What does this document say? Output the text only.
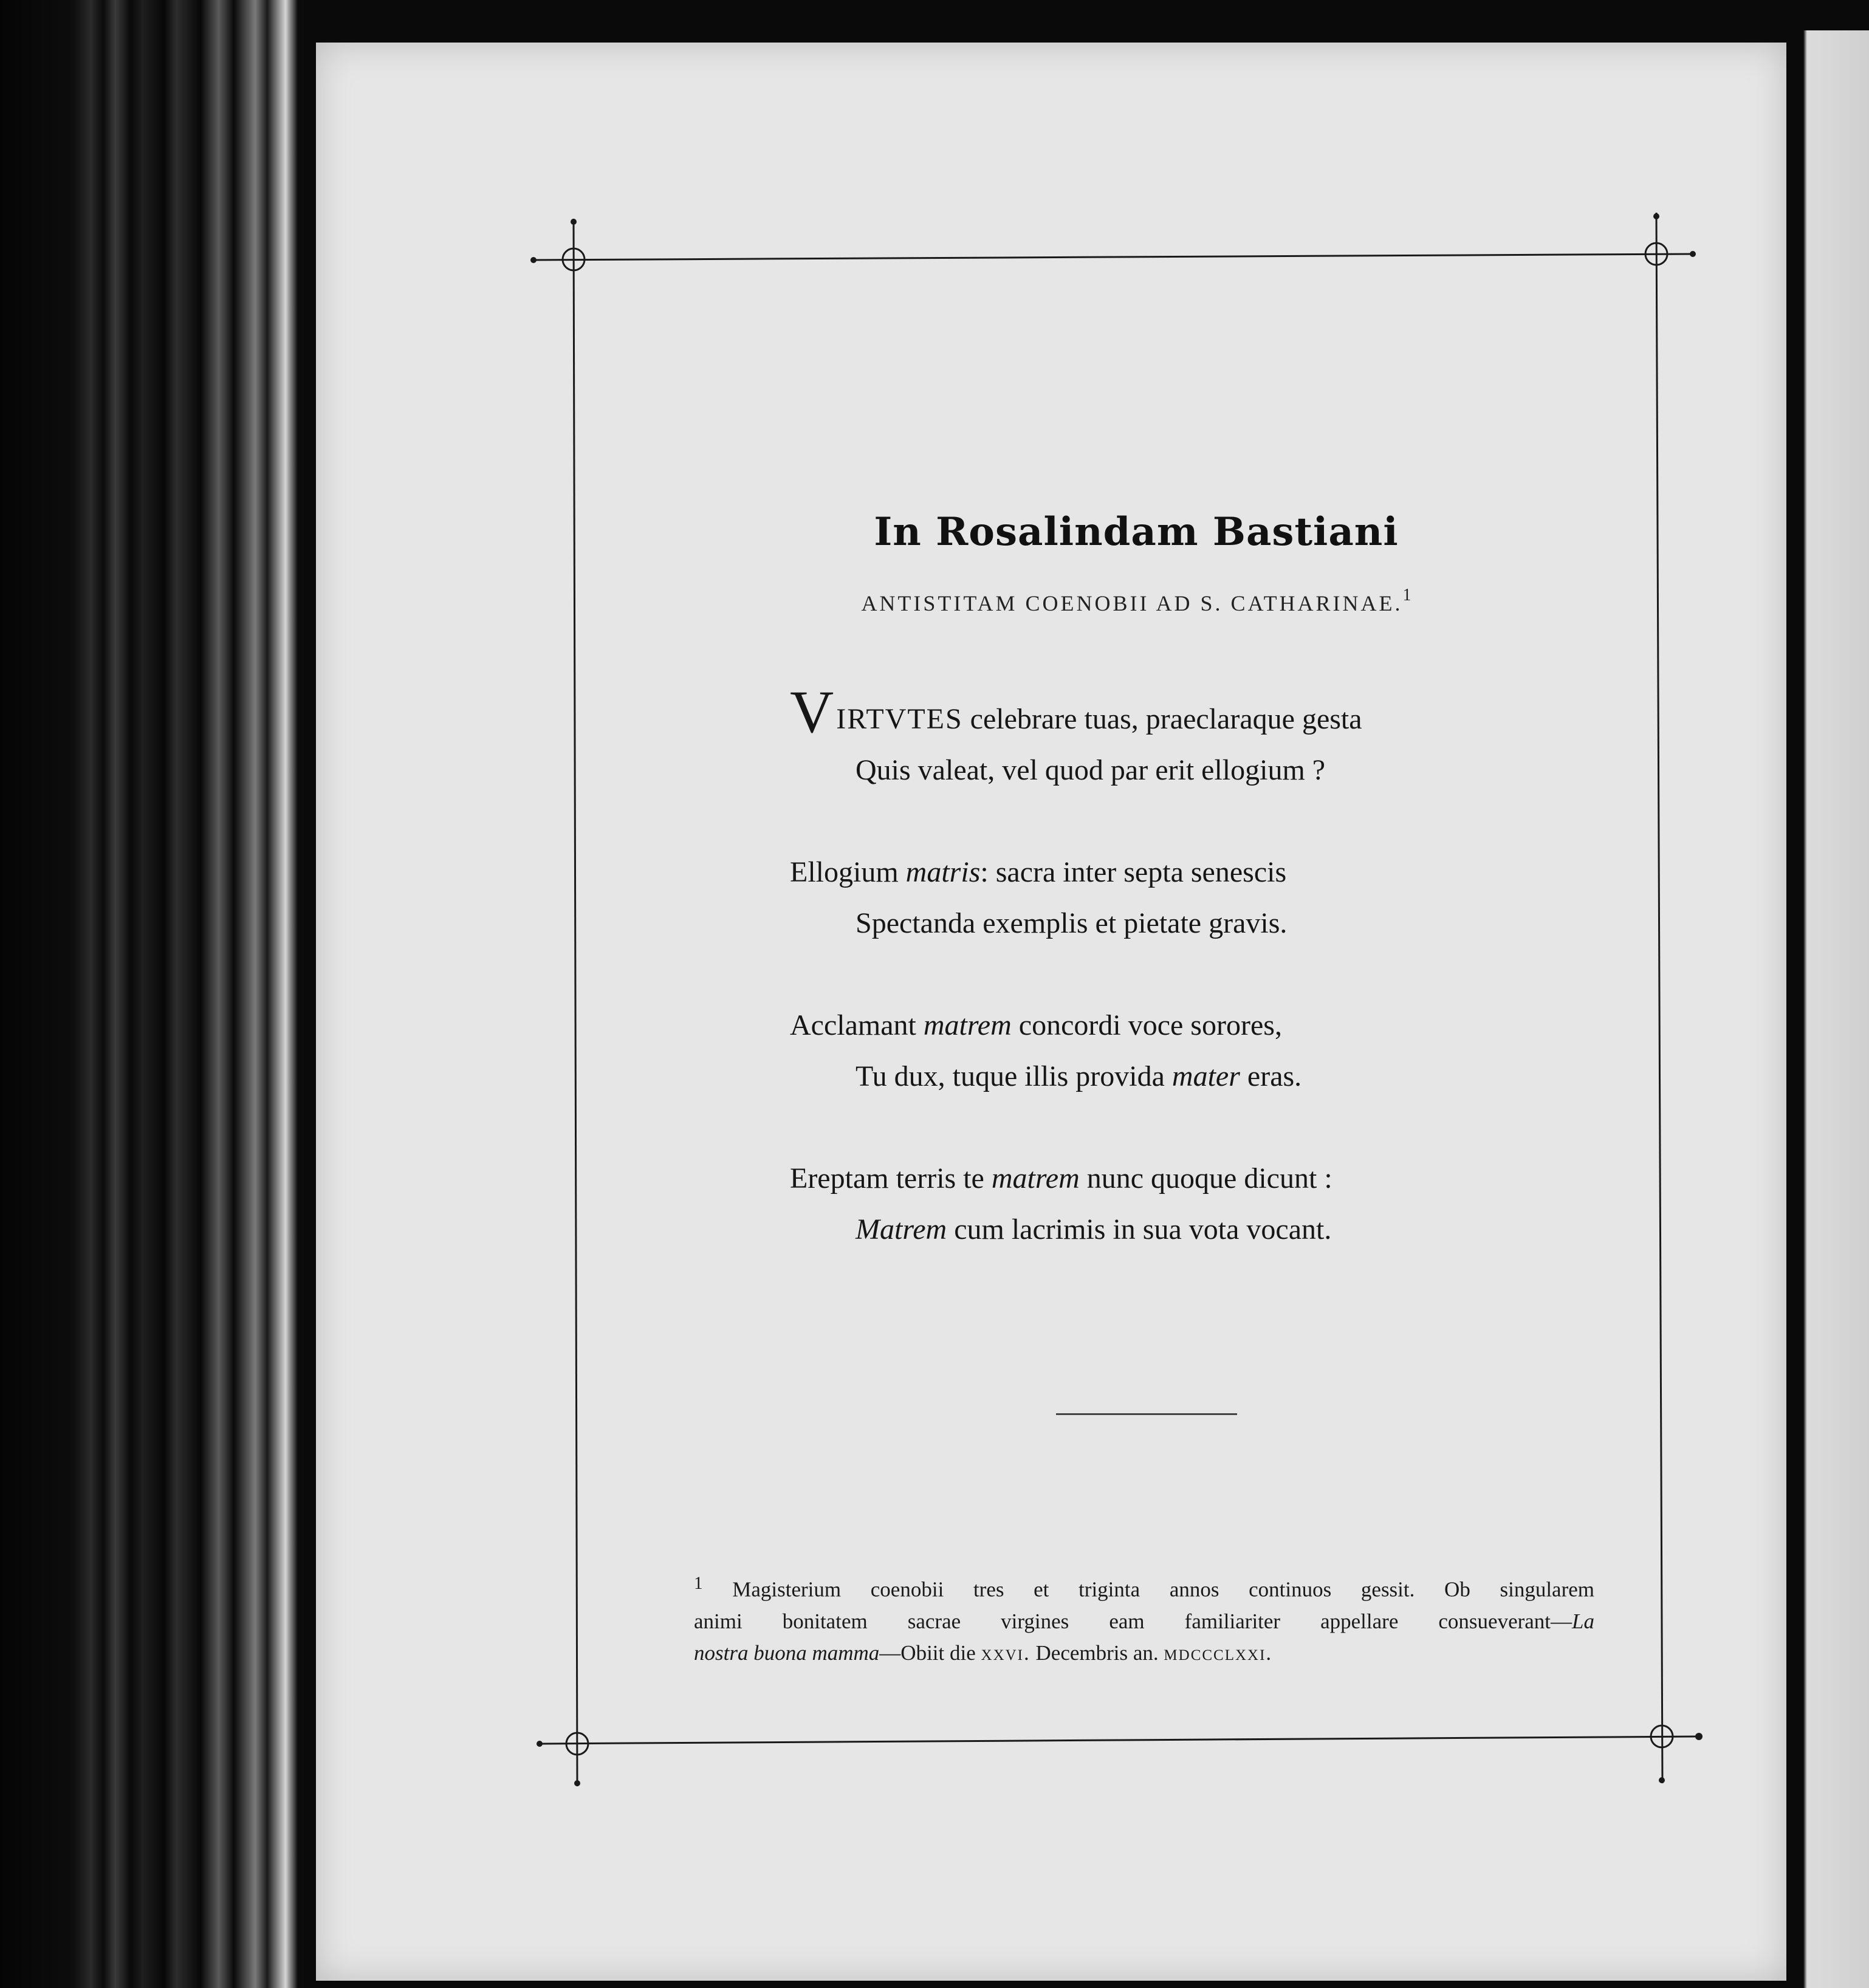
In Rosalindam Bastiani
ANTISTITAM COENOBII AD S. CATHARINAE.$^1$
VIRTVTES celebrare tuas, praeclaraque gesta
Quis valeat, vel quod par erit ellogium ?
Ellogium matris: sacra inter septa senescis
Spectanda exemplis et pietate gravis.
Acclamant matrem concordi voce sorores,
Tu dux, tuque illis provida mater eras.
Ereptam terris te matrem nunc quoque dicunt :
Matrem cum lacrimis in sua vota vocant.
$^1$ Magisterium coenobii tres et triginta annos continuos gessit. Ob singularem
animi bonitatem sacrae virgines eam familiariter appellare consueverant—La
nostra buona mamma—Obiit die xxvi. Decembris an. mdccclxxi.
